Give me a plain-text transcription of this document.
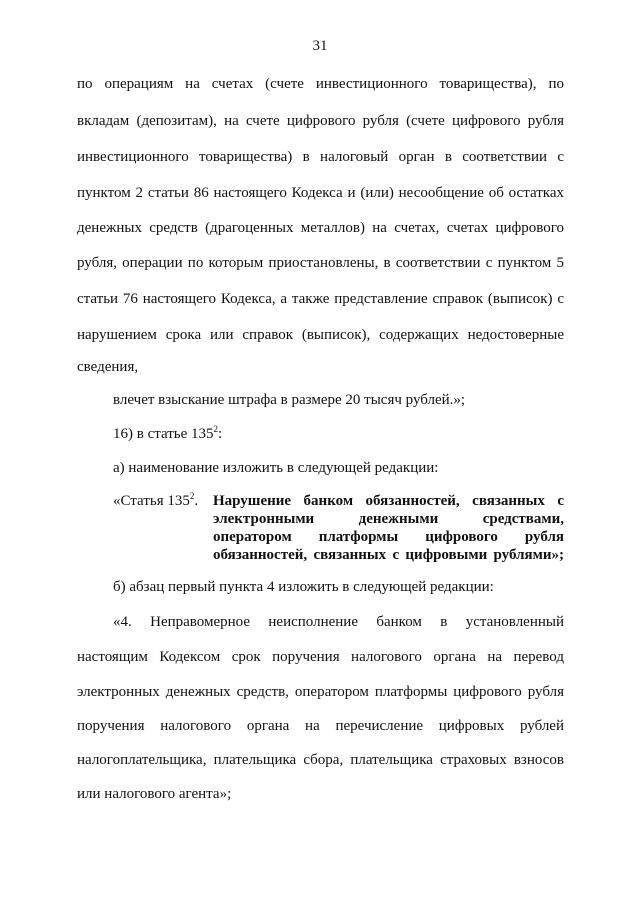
31
по операциям на счетах (счете инвестиционного товарищества), по
вкладам (депозитам), на счете цифрового рубля (счете цифрового рубля
инвестиционного товарищества) в налоговый орган в соответствии с
пунктом 2 статьи 86 настоящего Кодекса и (или) несообщение об остатках
денежных средств (драгоценных металлов) на счетах, счетах цифрового
рубля, операции по которым приостановлены, в соответствии с пунктом 5
статьи 76 настоящего Кодекса, а также представление справок (выписок) с
нарушением срока или справок (выписок), содержащих недостоверные
сведения,
влечет взыскание штрафа в размере 20 тысяч рублей.»;
16) в статье $135^2$:
а) наименование изложить в следующей редакции:
«Статья $135^2$. Нарушение банком обязанностей, связанных с
электронными денежными средствами,
оператором платформы цифрового рубля
обязанностей, связанных с цифровыми рублями»;
б) абзац первый пункта 4 изложить в следующей редакции:
«4. Неправомерное неисполнение банком в установленный
настоящим Кодексом срок поручения налогового органа на перевод
электронных денежных средств, оператором платформы цифрового рубля
поручения налогового органа на перечисление цифровых рублей
налогоплательщика, плательщика сбора, плательщика страховых взносов
или налогового агента»;
